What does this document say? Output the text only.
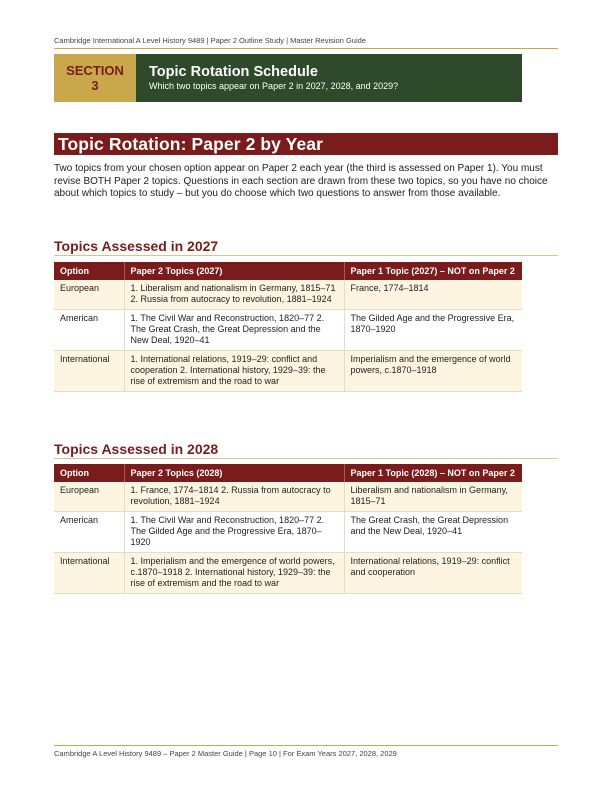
Cambridge International A Level History 9489 | Paper 2 Outline Study | Master Revision Guide
SECTION
3
Topic Rotation Schedule
Which two topics appear on Paper 2 in 2027, 2028, and 2029?
Topic Rotation: Paper 2 by Year

Two topics from your chosen option appear on Paper 2 each year (the third is assessed on Paper 1). You must revise BOTH Paper 2 topics. Questions in each section are drawn from these two topics, so you have no choice about which topics to study – but you do choose which two questions to answer from those available.

Topics Assessed in 2027
Option	Paper 2 Topics (2027)	Paper 1 Topic (2027) – NOT on Paper 2
European	1. Liberalism and nationalism in Germany, 1815–71 2. Russia from autocracy to revolution, 1881–1924	France, 1774–1814
American	1. The Civil War and Reconstruction, 1820–77 2. The Great Crash, the Great Depression and the New Deal, 1920–41	The Gilded Age and the Progressive Era, 1870–1920
International	1. International relations, 1919–29: conflict and cooperation 2. International history, 1929–39: the rise of extremism and the road to war	Imperialism and the emergence of world powers, c.1870–1918
Topics Assessed in 2028
Option	Paper 2 Topics (2028)	Paper 1 Topic (2028) – NOT on Paper 2
European	1. France, 1774–1814 2. Russia from autocracy to revolution, 1881–1924	Liberalism and nationalism in Germany, 1815–71
American	1. The Civil War and Reconstruction, 1820–77 2. The Gilded Age and the Progressive Era, 1870–1920	The Great Crash, the Great Depression and the New Deal, 1920–41
International	1. Imperialism and the emergence of world powers, c.1870–1918 2. International history, 1929–39: the rise of extremism and the road to war	International relations, 1919–29: conflict and cooperation
Cambridge A Level History 9489 – Paper 2 Master Guide | Page 10 | For Exam Years 2027, 2028, 2029
